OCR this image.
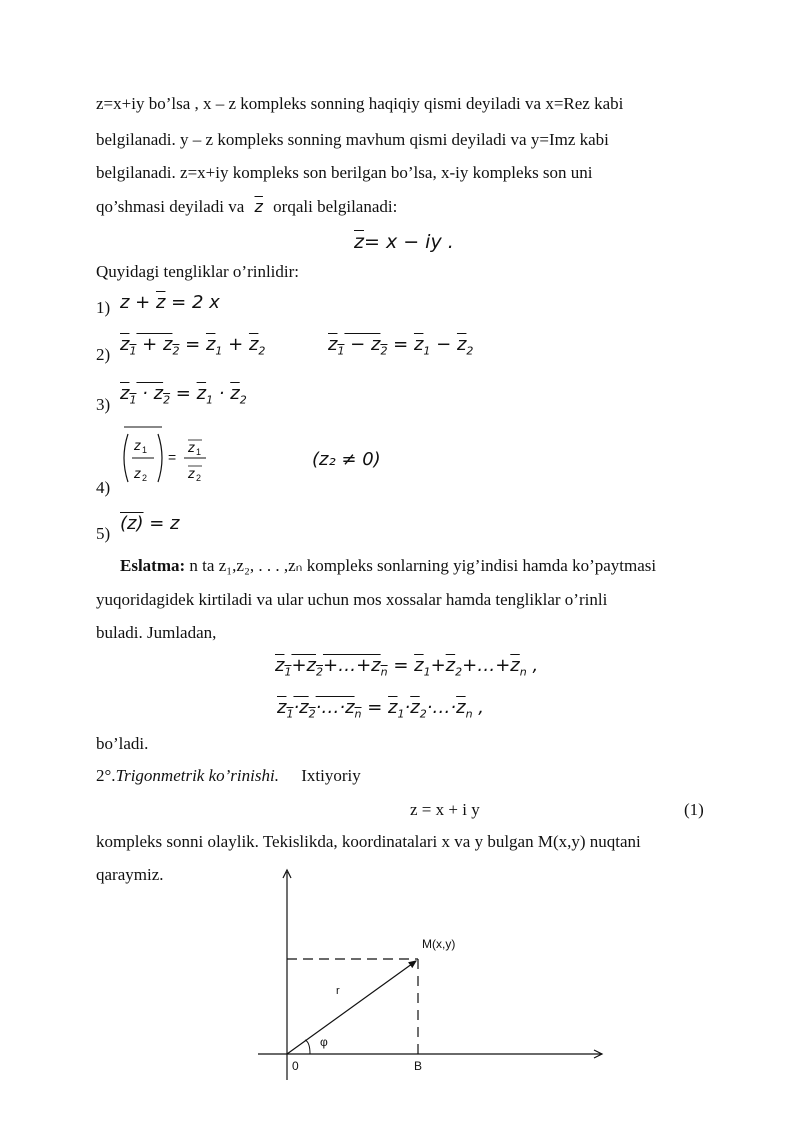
z=x+iy bo’lsa , x – z kompleks sonning haqiqiy qismi deyiladi va x=Rez kabi
belgilanadi. y – z kompleks sonning mavhum qismi deyiladi va y=Imz kabi
belgilanadi. z=x+iy kompleks son berilgan bo’lsa, x-iy kompleks son uni
qo’shmasi deyiladi va $\overline{z}$ orqali belgilanadi:
$\overline{z}= x$ − iy .
Quyidagi tengliklar o’rinlidir:
1) $z + \overline{z} = 2$ x
2) $z_1 + z_2 = \overline{z}_1 + \overline{z}_2$	$z_1 - z_2 = \overline{z}_1 - \overline{z}_2$
3)
$z_1 \cdot z_2 = \overline{z}_1 \cdot \overline{z}_2$
4)
z 1
z 2
=
z 1
z 2
(z₂ ≠ 0)
5) (z) = z
Eslatma: n ta z₁,z₂, . . . ,zₙ kompleks sonlarning yig’indisi hamda ko’paytmasi
yuqoridagidek kirtiladi va ular uchun mos xossalar hamda tengliklar o’rinli
buladi. Jumladan,
$z_1+z_2+\dots+z_n$ = $\overline{z}_1+\overline{z}_2+\dots+\overline{z}_n$ ,
$z_1\cdot z_2\cdot\dots\cdot z_n$ = $\overline{z}_1\cdot\overline{z}_2\cdot\dots\cdot\overline{z}_n$ ,
bo’ladi.
2°.Trigonmetrik ko’rinishi. Ixtiyoriy
z = x + i y	(1)
kompleks sonni olaylik. Tekislikda, koordinatalari x va y bulgan M(x,y) nuqtani
qaraymiz.
M(x,y)
r
φ
0	B
